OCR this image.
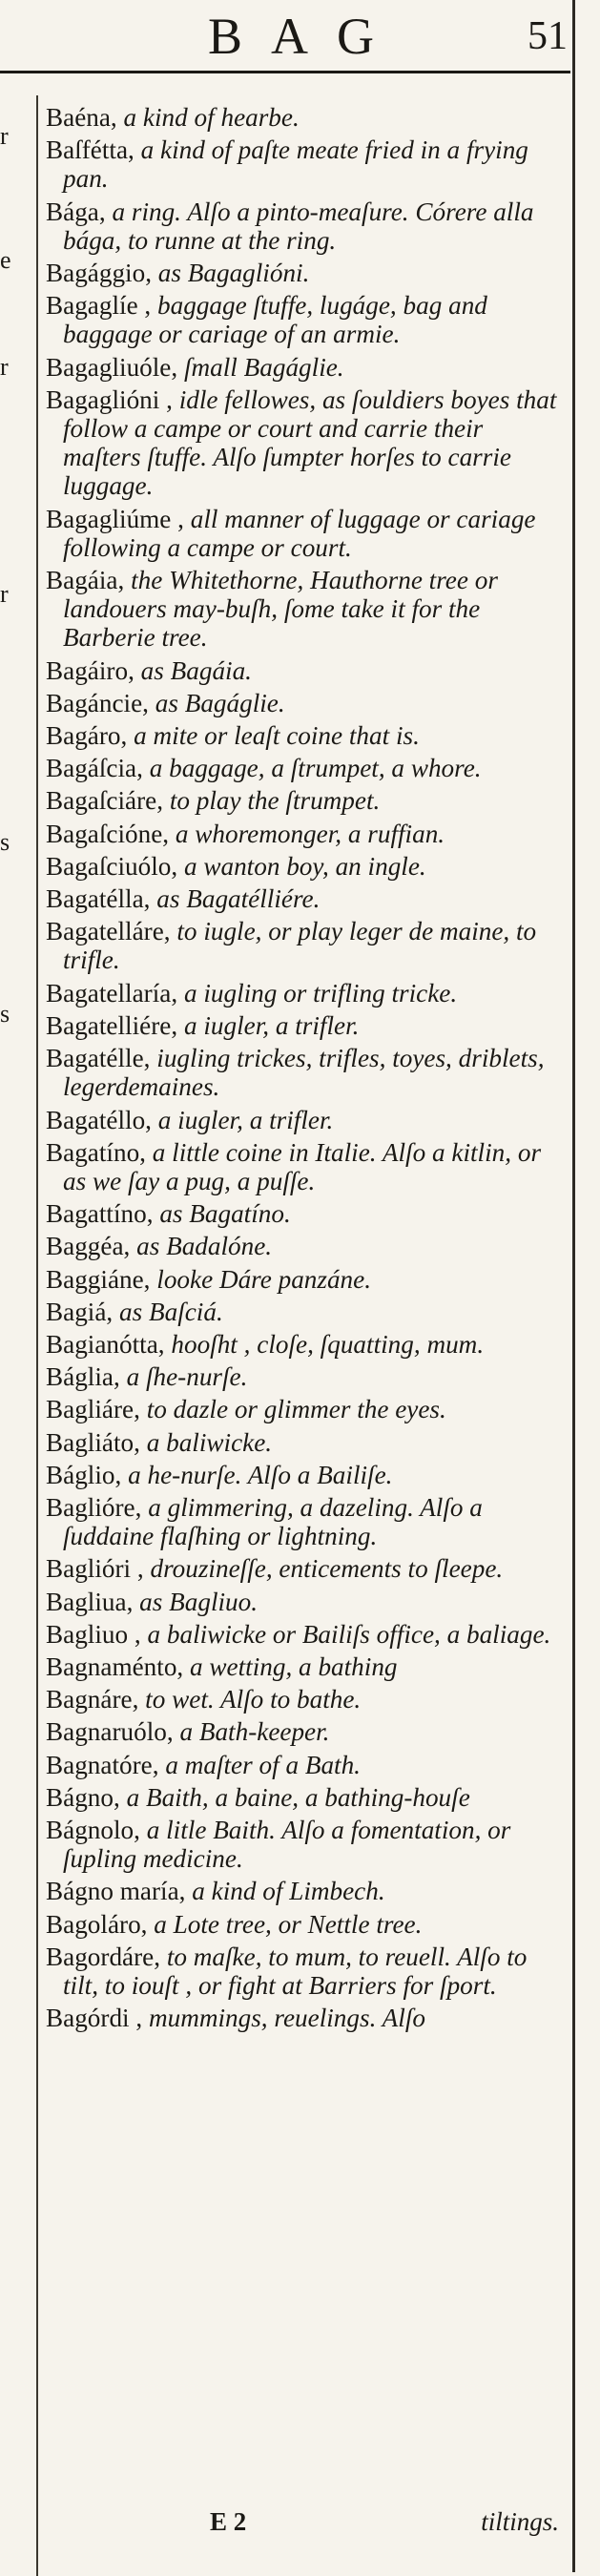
BAG	51
r
e
r
r
s
s
Baéna, a kind of hearbe.
Baſfétta, a kind of paſte meate fried in a frying pan.
Bága, a ring. Alſo a pinto-meaſure. Córere alla bága, to runne at the ring.
Bagággio, as Bagaglióni.
Bagaglíe , baggage ſtuffe, lugáge, bag and baggage or cariage of an armie.
Bagagliuóle, ſmall Bagáglie.
Bagaglióni , idle fellowes, as ſouldiers boyes that follow a campe or court and carrie their maſters ſtuffe. Alſo ſumpter horſes to carrie luggage.
Bagagliúme , all manner of luggage or cariage following a campe or court.
Bagáia, the Whitethorne, Hauthorne tree or landouers may-buſh, ſome take it for the Barberie tree.
Bagáiro, as Bagáia.
Bagáncie, as Bagáglie.
Bagáro, a mite or leaſt coine that is.
Bagáſcia, a baggage, a ſtrumpet, a whore.
Bagaſciáre, to play the ſtrumpet.
Bagaſcióne, a whoremonger, a ruffian.
Bagaſciuólo, a wanton boy, an ingle.
Bagatélla, as Bagatélliére.
Bagatelláre, to iugle, or play leger de maine, to trifle.
Bagatellaría, a iugling or trifling tricke.
Bagatelliére, a iugler, a trifler.
Bagatélle, iugling trickes, trifles, toyes, driblets, legerdemaines.
Bagatéllo, a iugler, a trifler.
Bagatíno, a little coine in Italie. Alſo a kitlin, or as we ſay a pug, a puſſe.
Bagattíno, as Bagatíno.
Baggéa, as Badalóne.
Baggiáne, looke Dáre panzáne.
Bagiá, as Baſciá.
Bagianótta, hooſht , cloſe, ſquatting, mum.
Báglia, a ſhe-nurſe.
Bagliáre, to dazle or glimmer the eyes.
Bagliáto, a baliwicke.
Báglio, a he-nurſe. Alſo a Bailiſe.
Baglióre, a glimmering, a dazeling. Alſo a ſuddaine flaſhing or lightning.
Baglióri , drouzineſſe, enticements to ſleepe.
Bagliua, as Bagliuo.
Bagliuo , a baliwicke or Bailiſs office, a baliage.
Bagnaménto, a wetting, a bathing
Bagnáre, to wet. Alſo to bathe.
Bagnaruólo, a Bath-keeper.
Bagnatóre, a maſter of a Bath.
Bágno, a Baith, a baine, a bathing-houſe
Bágnolo, a litle Baith. Alſo a fomentation, or ſupling medicine.
Bágno maría, a kind of Limbech.
Bagoláro, a Lote tree, or Nettle tree.
Bagordáre, to maſke, to mum, to reuell. Alſo to tilt, to iouſt , or fight at Barriers for ſport.
Bagórdi , mummings, reuelings. Alſo
E 2	tiltings.
